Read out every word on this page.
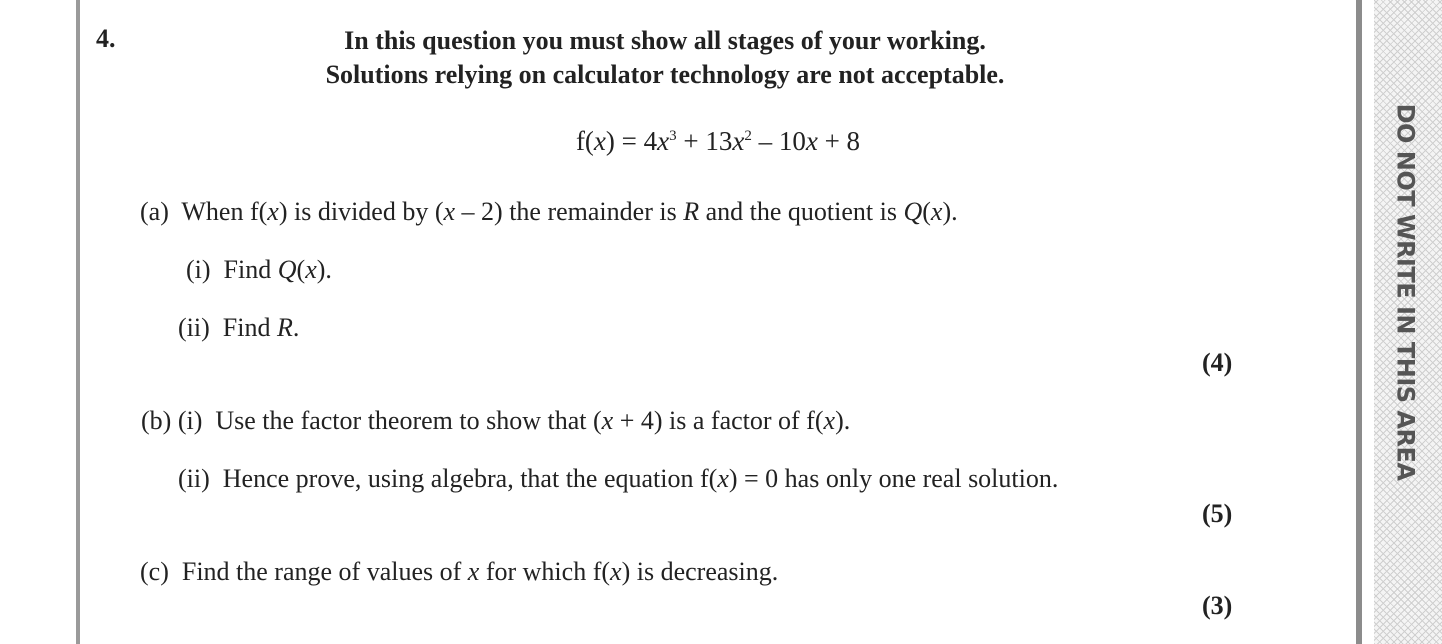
DO NOT WRITE IN THIS AREA
4.	In this question you must show all stages of your working.
Solutions relying on calculator technology are not acceptable.
$f(x) = 4x^3 + 13x^2 - 10x + 8$
(a) When f(x) is divided by (x – 2) the remainder is R and the quotient is Q(x).
(i) Find Q(x).
(ii) Find R.
(4)
(b) (i) Use the factor theorem to show that (x + 4) is a factor of f(x).
(ii) Hence prove, using algebra, that the equation f(x) = 0 has only one real solution.
(5)
(c) Find the range of values of x for which f(x) is decreasing.
(3)
